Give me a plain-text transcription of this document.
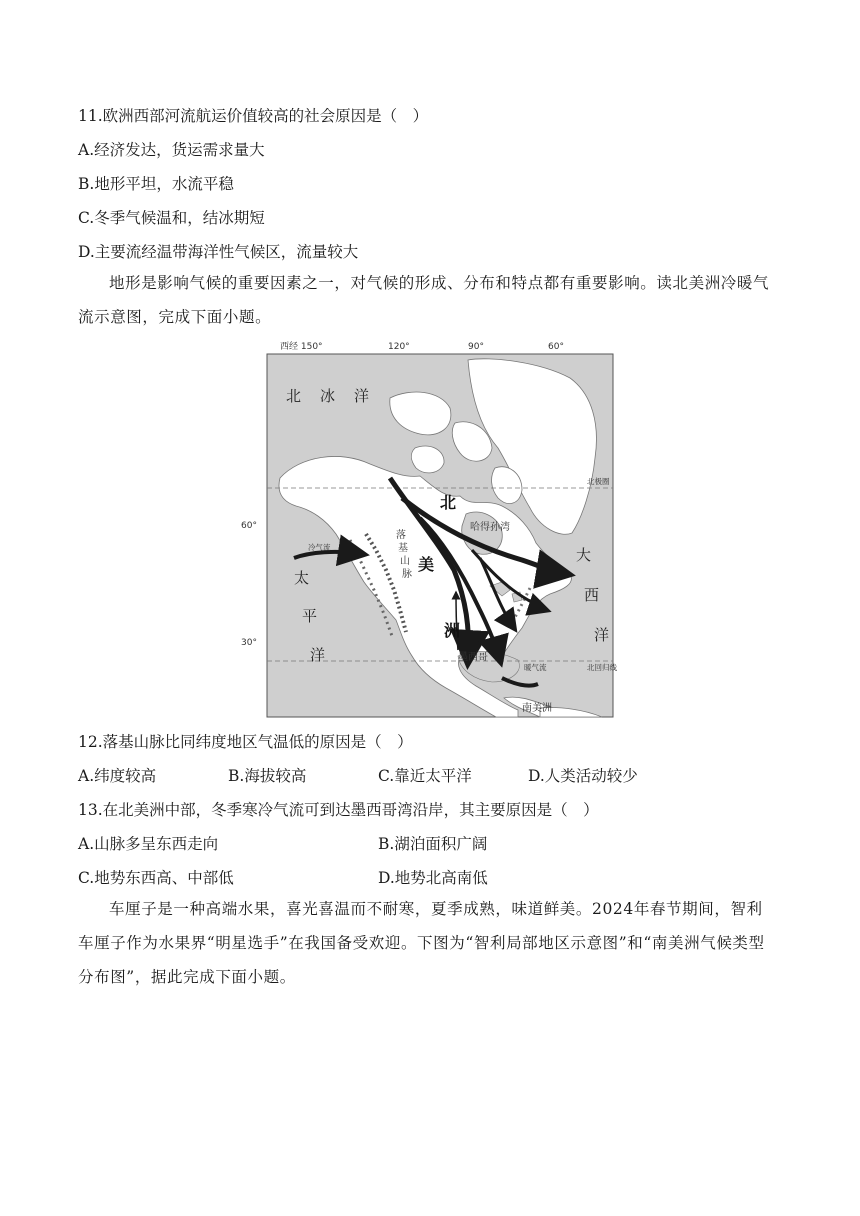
11.欧洲西部河流航运价值较高的社会原因是（　）
A.经济发达，货运需求量大
B.地形平坦，水流平稳
C.冬季气候温和，结冰期短
D.主要流经温带海洋性气候区，流量较大
地形是影响气候的重要因素之一，对气候的形成、分布和特点都有重要影响。读北美洲冷暖气流示意图，完成下面小题。
西经 150°	120°	90°	60°
60°
30°
北极圈
北回归线
北 冰 洋
太
平
洋
大
西
洋
北
美
洲
落
基
山
脉
哈得孙湾
墨西哥
南美洲
冷气流
暖气流
12.落基山脉比同纬度地区气温低的原因是（　）
A.纬度较高	B.海拔较高	C.靠近太平洋	D.人类活动较少
13.在北美洲中部，冬季寒冷气流可到达墨西哥湾沿岸，其主要原因是（　）
A.山脉多呈东西走向	B.湖泊面积广阔
C.地势东西高、中部低	D.地势北高南低
车厘子是一种高端水果，喜光喜温而不耐寒，夏季成熟，味道鲜美。2024年春节期间，智利车厘子作为水果界“明星选手”在我国备受欢迎。下图为“智利局部地区示意图”和“南美洲气候类型分布图”，据此完成下面小题。
